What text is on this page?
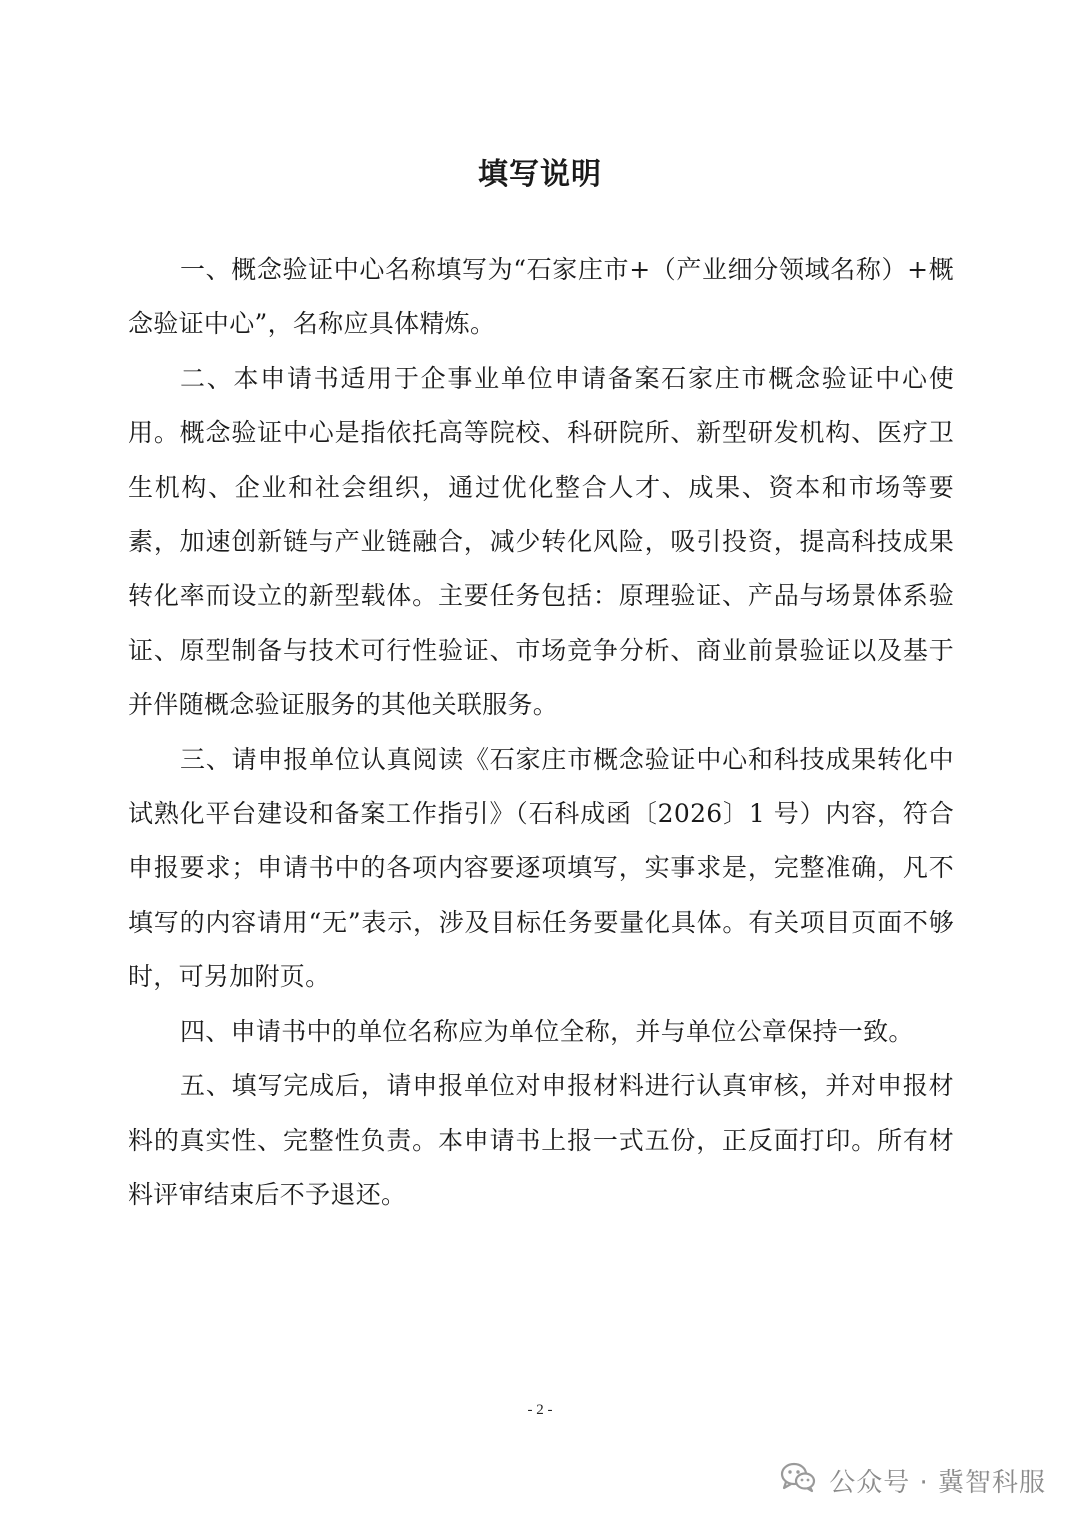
填写说明

一、概念验证中心名称填写为“石家庄市+（产业细分领域名称）+概念验证中心”，名称应具体精炼。

二、本申请书适用于企事业单位申请备案石家庄市概念验证中心使用。概念验证中心是指依托高等院校、科研院所、新型研发机构、医疗卫生机构、企业和社会组织，通过优化整合人才、成果、资本和市场等要素，加速创新链与产业链融合，减少转化风险，吸引投资，提高科技成果转化率而设立的新型载体。主要任务包括：原理验证、产品与场景体系验证、原型制备与技术可行性验证、市场竞争分析、商业前景验证以及基于并伴随概念验证服务的其他关联服务。

三、请申报单位认真阅读《石家庄市概念验证中心和科技成果转化中试熟化平台建设和备案工作指引》（石科成函〔2026〕1 号）内容，符合申报要求；申请书中的各项内容要逐项填写，实事求是，完整准确，凡不填写的内容请用“无”表示，涉及目标任务要量化具体。有关项目页面不够时，可另加附页。

四、申请书中的单位名称应为单位全称，并与单位公章保持一致。

五、填写完成后，请申报单位对申报材料进行认真审核，并对申报材料的真实性、完整性负责。本申请书上报一式五份，正反面打印。所有材料评审结束后不予退还。

- 2 -
公众号 · 冀智科服
